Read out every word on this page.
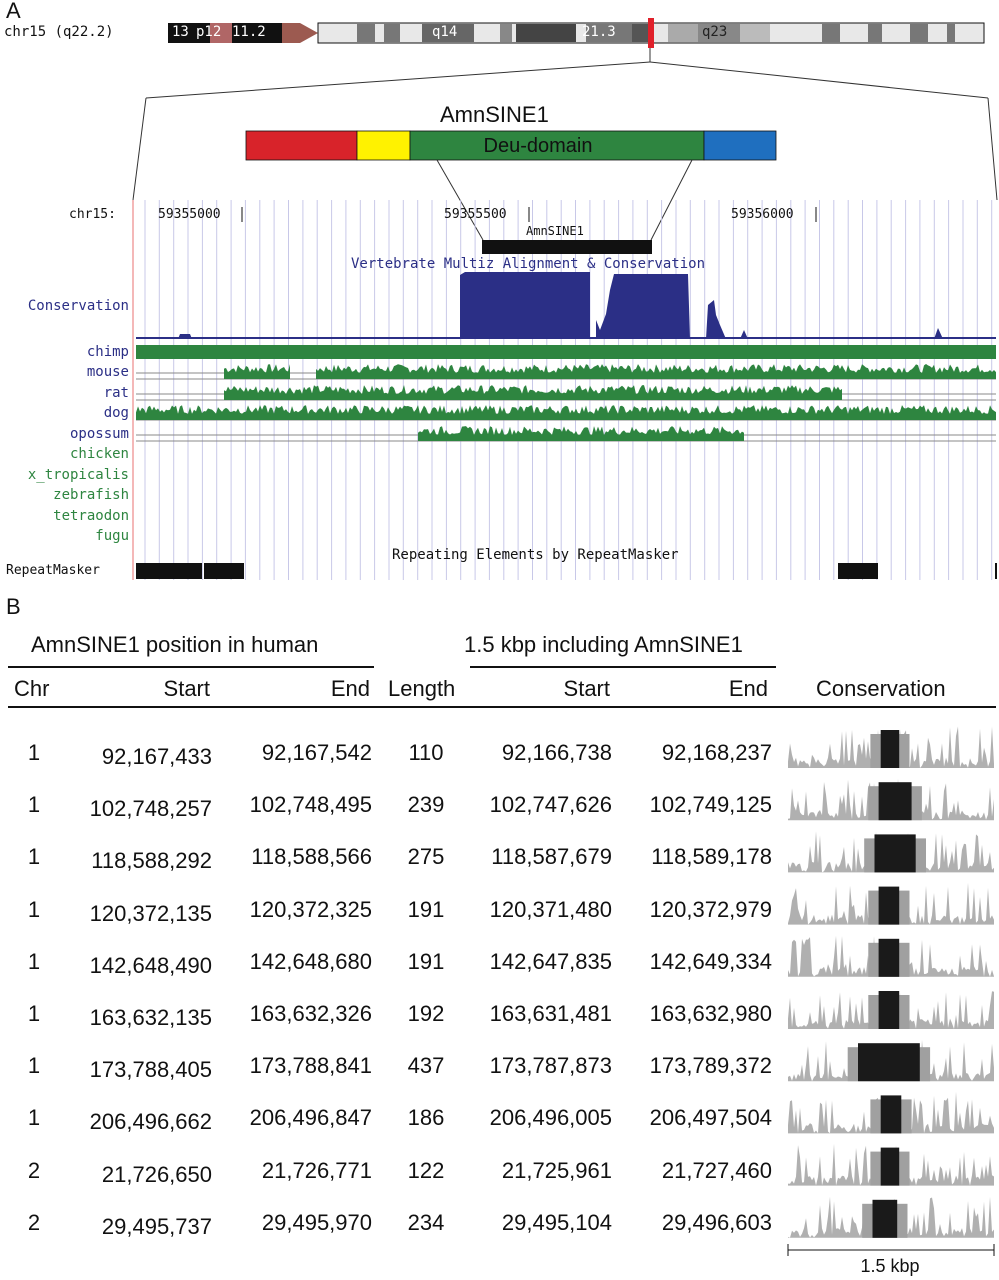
A
chr15 (q22.2)
AmnSINE1
Deu-domain
chr15:	59355000	59355500	59356000
AmnSINE1
Vertebrate Multiz Alignment & Conservation
Conservation
chimp
mouse
rat
dog
opossum
chicken
x_tropicalis
zebrafish
tetraodon
fugu
Repeating Elements by RepeatMasker
RepeatMasker
B
AmnSINE1 position in human	1.5 kbp including AmnSINE1
Chr	Start	End Length	Start	End Conservation
1	92,167,433	92,167,542	110	92,166,738	92,168,237
1	102,748,257	102,748,495	239	102,747,626	102,749,125
1	118,588,292	118,588,566	275	118,587,679	118,589,178
1	120,372,135	120,372,325	191	120,371,480	120,372,979
1	142,648,490	142,648,680	191	142,647,835	142,649,334
1	163,632,135	163,632,326	192	163,631,481	163,632,980
1	173,788,405	173,788,841	437	173,787,873	173,789,372
1	206,496,662	206,496,847	186	206,496,005	206,497,504
2	21,726,650	21,726,771	122	21,725,961	21,727,460
2	29,495,737	29,495,970	234	29,495,104	29,496,603
1.5 kbp
13 p12 11.2	q14	21.3	q23
